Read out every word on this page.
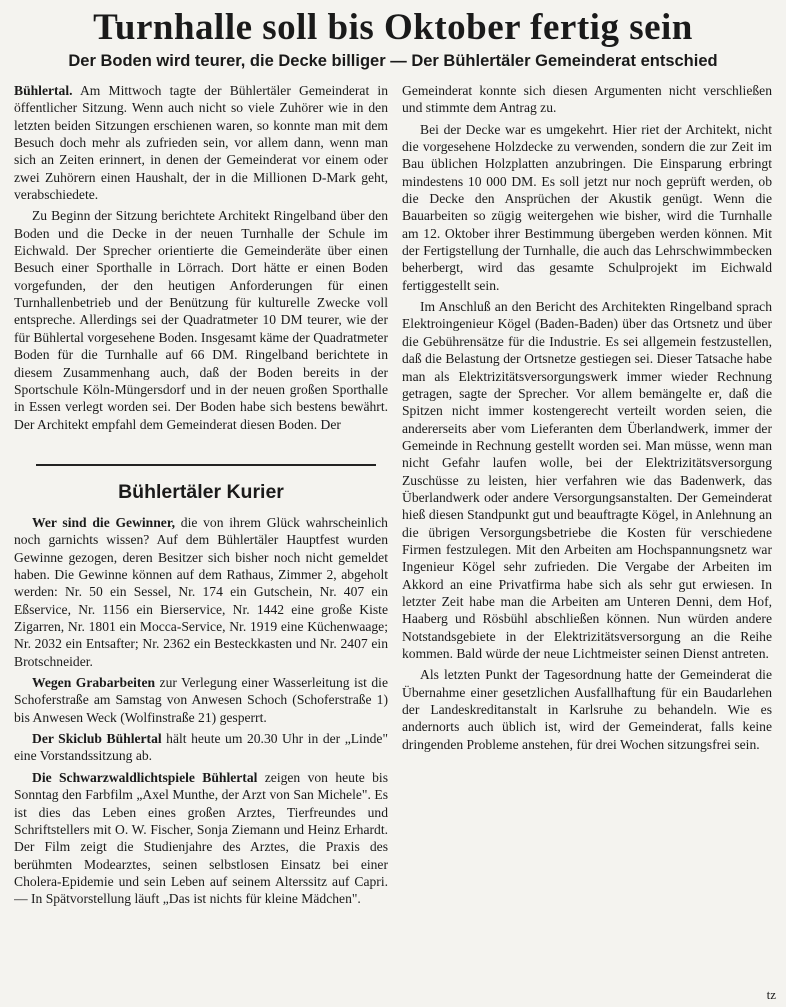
Turnhalle soll bis Oktober fertig sein
Der Boden wird teurer, die Decke billiger — Der Bühlertäler Gemeinderat entschied

Bühlertal. Am Mittwoch tagte der Bühlertäler Gemeinderat in öffentlicher Sitzung. Wenn auch nicht so viele Zuhörer wie in den letzten beiden Sitzungen erschienen waren, so konnte man mit dem Besuch doch mehr als zufrieden sein, vor allem dann, wenn man sich an Zeiten erinnert, in denen der Gemeinderat vor einem oder zwei Zuhörern einen Haushalt, der in die Millionen D-Mark geht, verabschiedete.

Zu Beginn der Sitzung berichtete Architekt Ringelband über den Boden und die Decke in der neuen Turnhalle der Schule im Eichwald. Der Sprecher orientierte die Gemeinderäte über einen Besuch einer Sporthalle in Lörrach. Dort hätte er einen Boden vorgefunden, der den heutigen Anforderungen für einen Turnhallenbetrieb und der Benützung für kulturelle Zwecke voll entspreche. Allerdings sei der Quadratmeter 10 DM teurer, wie der für Bühlertal vorgesehene Boden. Insgesamt käme der Quadratmeter Boden für die Turnhalle auf 66 DM. Ringelband berichtete in diesem Zusammenhang auch, daß der Boden bereits in der Sportschule Köln-Müngersdorf und in der neuen großen Sporthalle in Essen verlegt worden sei. Der Boden habe sich bestens bewährt. Der Architekt empfahl dem Gemeinderat diesen Boden. Der

Gemeinderat konnte sich diesen Argumenten nicht verschließen und stimmte dem Antrag zu.

Bei der Decke war es umgekehrt. Hier riet der Architekt, nicht die vorgesehene Holzdecke zu verwenden, sondern die zur Zeit im Bau üblichen Holzplatten anzubringen. Die Einsparung erbringt mindestens 10 000 DM. Es soll jetzt nur noch geprüft werden, ob die Decke den Ansprüchen der Akustik genügt. Wenn die Bauarbeiten so zügig weitergehen wie bisher, wird die Turnhalle am 12. Oktober ihrer Bestimmung übergeben werden können. Mit der Fertigstellung der Turnhalle, die auch das Lehrschwimmbecken beherbergt, wird das gesamte Schulprojekt im Eichwald fertiggestellt sein.

Im Anschluß an den Bericht des Architekten Ringelband sprach Elektroingenieur Kögel (Baden-Baden) über das Ortsnetz und über die Gebührensätze für die Industrie. Es sei allgemein festzustellen, daß die Belastung der Ortsnetze gestiegen sei. Dieser Tatsache habe man als Elektrizitätsversorgungswerk immer wieder Rechnung getragen, sagte der Sprecher. Vor allem bemängelte er, daß die Spitzen nicht immer kostengerecht verteilt worden seien, die andererseits aber vom Lieferanten dem Überlandwerk, immer der Gemeinde in Rechnung gestellt worden sei. Man müsse, wenn man nicht Gefahr laufen wolle, bei der Elektrizitätsversorgung Zuschüsse zu leisten, hier verfahren wie das Badenwerk, das Überlandwerk oder andere Versorgungsanstalten. Der Gemeinderat hieß diesen Standpunkt gut und beauftragte Kögel, in Anlehnung an die übrigen Versorgungsbetriebe die Kosten für verschiedene Firmen festzulegen. Mit den Arbeiten am Hochspannungsnetz war Ingenieur Kögel sehr zufrieden. Die Vergabe der Arbeiten im Akkord an eine Privatfirma habe sich als sehr gut erwiesen. In letzter Zeit habe man die Arbeiten am Unteren Denni, dem Hof, Haaberg und Rösbühl abschließen können. Nun würden andere Notstandsgebiete in der Elektrizitätsversorgung an die Reihe kommen. Bald würde der neue Lichtmeister seinen Dienst antreten.

Als letzten Punkt der Tagesordnung hatte der Gemeinderat die Übernahme einer gesetzlichen Ausfallhaftung für ein Baudarlehen der Landeskreditanstalt in Karlsruhe zu behandeln. Wie es andernorts auch üblich ist, wird der Gemeinderat, falls keine dringenden Probleme anstehen, für drei Wochen sitzungsfrei sein.

Bühlertäler Kurier

Wer sind die Gewinner, die von ihrem Glück wahrscheinlich noch garnichts wissen? Auf dem Bühlertäler Hauptfest wurden Gewinne gezogen, deren Besitzer sich bisher noch nicht gemeldet haben. Die Gewinne können auf dem Rathaus, Zimmer 2, abgeholt werden: Nr. 50 ein Sessel, Nr. 174 ein Gutschein, Nr. 407 ein Eßservice, Nr. 1156 ein Bierservice, Nr. 1442 eine große Kiste Zigarren, Nr. 1801 ein Mocca-Service, Nr. 1919 eine Küchenwaage; Nr. 2032 ein Entsafter; Nr. 2362 ein Besteckkasten und Nr. 2407 ein Brotschneider.

Wegen Grabarbeiten zur Verlegung einer Wasserleitung ist die Schoferstraße am Samstag von Anwesen Schoch (Schoferstraße 1) bis Anwesen Weck (Wolfinstraße 21) gesperrt.

Der Skiclub Bühlertal hält heute um 20.30 Uhr in der „Linde" eine Vorstandssitzung ab.

Die Schwarzwaldlichtspiele Bühlertal zeigen von heute bis Sonntag den Farbfilm „Axel Munthe, der Arzt von San Michele". Es ist dies das Leben eines großen Arztes, Tierfreundes und Schriftstellers mit O. W. Fischer, Sonja Ziemann und Heinz Erhardt. Der Film zeigt die Studienjahre des Arztes, die Praxis des berühmten Modearztes, seinen selbstlosen Einsatz bei einer Cholera-Epidemie und sein Leben auf seinem Alterssitz auf Capri. — In Spätvorstellung läuft „Das ist nichts für kleine Mädchen".

tz
